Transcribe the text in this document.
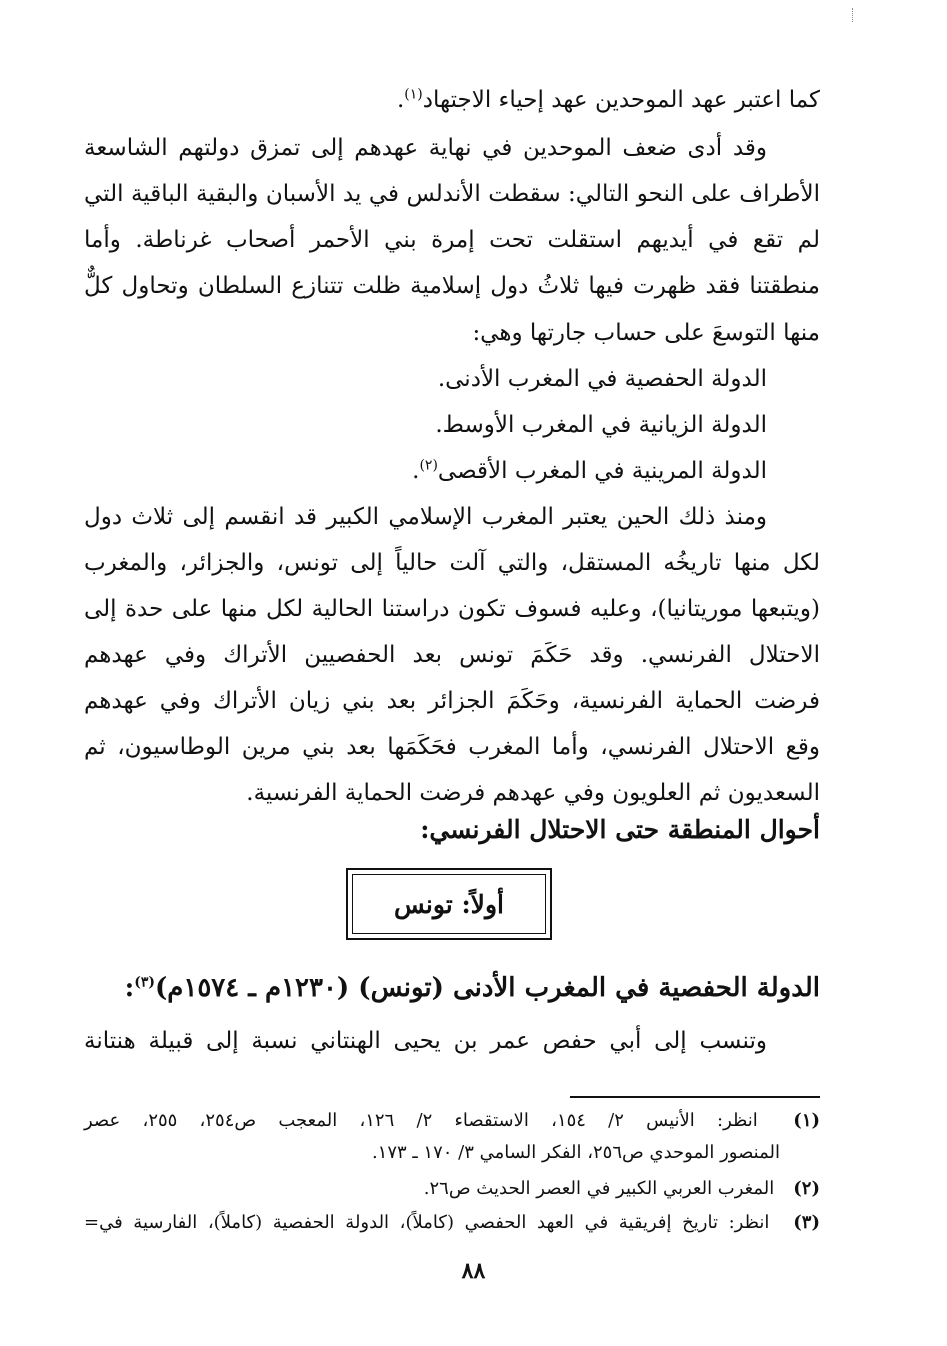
كما اعتبر عهد الموحدين عهد إحياء الاجتهاد$^{(١)}$.

وقد أدى ضعف الموحدين في نهاية عهدهم إلى تمزق دولتهم الشاسعة

الأطراف على النحو التالي: سقطت الأندلس في يد الأسبان والبقية الباقية التي

لم تقع في أيديهم استقلت تحت إمرة بني الأحمر أصحاب غرناطة. وأما

منطقتنا فقد ظهرت فيها ثلاثُ دول إسلامية ظلت تتنازع السلطان وتحاول كلٌّ

منها التوسعَ على حساب جارتها وهي:

الدولة الحفصية في المغرب الأدنى.

الدولة الزيانية في المغرب الأوسط.

الدولة المرينية في المغرب الأقصى$^{(٢)}$.

ومنذ ذلك الحين يعتبر المغرب الإسلامي الكبير قد انقسم إلى ثلاث دول

لكل منها تاريخُه المستقل، والتي آلت حالياً إلى تونس، والجزائر، والمغرب

(ويتبعها موريتانيا)، وعليه فسوف تكون دراستنا الحالية لكل منها على حدة إلى

الاحتلال الفرنسي. وقد حَكَمَ تونس بعد الحفصيين الأتراك وفي عهدهم

فرضت الحماية الفرنسية، وحَكَمَ الجزائر بعد بني زيان الأتراك وفي عهدهم

وقع الاحتلال الفرنسي، وأما المغرب فحَكَمَها بعد بني مرين الوطاسيون، ثم

السعديون ثم العلويون وفي عهدهم فرضت الحماية الفرنسية.

أحوال المنطقة حتى الاحتلال الفرنسي:
أولاً: تونس
الدولة الحفصية في المغرب الأدنى (تونس) (١٢٣٠م ـ ١٥٧٤م)$^{(٣)}$:

وتنسب إلى أبي حفص عمر بن يحيى الهنتاني نسبة إلى قبيلة هنتانة

(١) انظر: الأنيس ٢/ ١٥٤، الاستقصاء ٢/ ١٢٦، المعجب ص٢٥٤، ٢٥٥، عصر

المنصور الموحدي ص٢٥٦، الفكر السامي ٣/ ١٧٠ ـ ١٧٣.

(٢) المغرب العربي الكبير في العصر الحديث ص٢٦.

(٣) انظر: تاريخ إفريقية في العهد الحفصي (كاملاً)، الدولة الحفصية (كاملاً)، الفارسية في=

٨٨
